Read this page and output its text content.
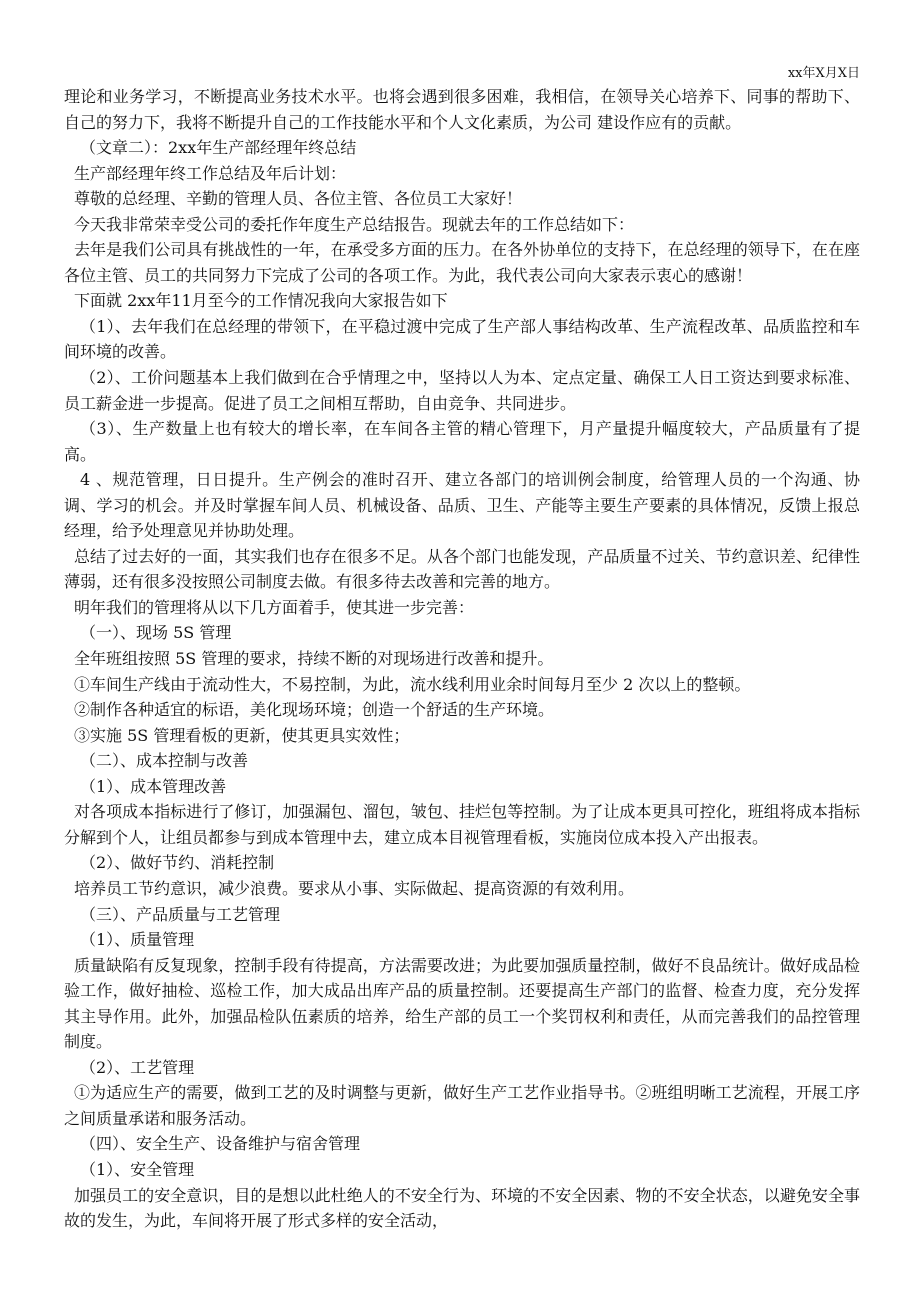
xx年X月X日

理论和业务学习，不断提高业务技术水平。也将会遇到很多困难，我相信，在领导关心培养下、同事的帮助下、自己的努力下，我将不断提升自己的工作技能水平和个人文化素质，为公司 建设作应有的贡献。

（文章二）：2xx年生产部经理年终总结

生产部经理年终工作总结及年后计划：

尊敬的总经理、辛勤的管理人员、各位主管、各位员工大家好！

今天我非常荣幸受公司的委托作年度生产总结报告。现就去年的工作总结如下：

去年是我们公司具有挑战性的一年，在承受多方面的压力。在各外协单位的支持下，在总经理的领导下，在在座各位主管、员工的共同努力下完成了公司的各项工作。为此，我代表公司向大家表示衷心的感谢！

下面就 2xx年11月至今的工作情况我向大家报告如下

（1）、去年我们在总经理的带领下，在平稳过渡中完成了生产部人事结构改革、生产流程改革、品质监控和车间环境的改善。

（2）、工价问题基本上我们做到在合乎情理之中，坚持以人为本、定点定量、确保工人日工资达到要求标准、员工薪金进一步提高。促进了员工之间相互帮助，自由竞争、共同进步。

（3）、生产数量上也有较大的增长率，在车间各主管的精心管理下，月产量提升幅度较大，产品质量有了提高。

4 、规范管理，日日提升。生产例会的准时召开、建立各部门的培训例会制度，给管理人员的一个沟通、协调、学习的机会。并及时掌握车间人员、机械设备、品质、卫生、产能等主要生产要素的具体情况，反馈上报总经理，给予处理意见并协助处理。

总结了过去好的一面，其实我们也存在很多不足。从各个部门也能发现，产品质量不过关、节约意识差、纪律性薄弱，还有很多没按照公司制度去做。有很多待去改善和完善的地方。

明年我们的管理将从以下几方面着手，使其进一步完善：

（一）、现场 5S 管理

全年班组按照 5S 管理的要求，持续不断的对现场进行改善和提升。

①车间生产线由于流动性大，不易控制，为此，流水线利用业余时间每月至少 2 次以上的整顿。

②制作各种适宜的标语，美化现场环境；创造一个舒适的生产环境。

③实施 5S 管理看板的更新，使其更具实效性；

（二）、成本控制与改善

（1）、成本管理改善

对各项成本指标进行了修订，加强漏包、溜包，皱包、挂烂包等控制。为了让成本更具可控化，班组将成本指标分解到个人，让组员都参与到成本管理中去，建立成本目视管理看板，实施岗位成本投入产出报表。

（2）、做好节约、消耗控制

培养员工节约意识，减少浪费。要求从小事、实际做起、提高资源的有效利用。

（三）、产品质量与工艺管理

（1）、质量管理

质量缺陷有反复现象，控制手段有待提高，方法需要改进；为此要加强质量控制，做好不良品统计。做好成品检验工作，做好抽检、巡检工作，加大成品出库产品的质量控制。还要提高生产部门的监督、检查力度，充分发挥其主导作用。此外，加强品检队伍素质的培养，给生产部的员工一个奖罚权利和责任，从而完善我们的品控管理制度。

（2）、工艺管理

①为适应生产的需要，做到工艺的及时调整与更新，做好生产工艺作业指导书。②班组明晰工艺流程，开展工序之间质量承诺和服务活动。

（四）、安全生产、设备维护与宿舍管理

（1）、安全管理

加强员工的安全意识，目的是想以此杜绝人的不安全行为、环境的不安全因素、物的不安全状态，以避免安全事故的发生，为此，车间将开展了形式多样的安全活动，
